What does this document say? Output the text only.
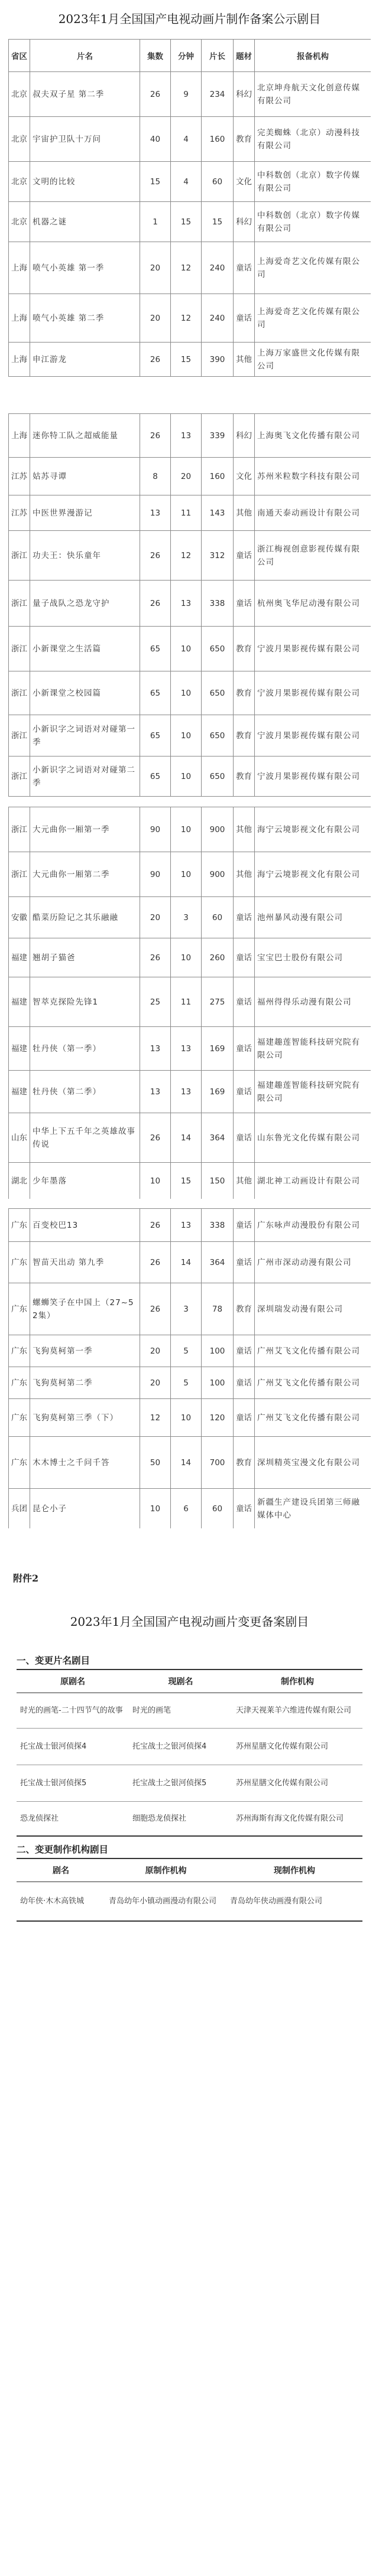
2023年1月全国国产电视动画片制作备案公示剧目
省区	片名	集数	分钟	片长	题材	报备机构
北京	叔夫双子星 第二季	26	9	234	科幻	北京坤舟航天文化创意传媒有限公司
北京	宇宙护卫队十万问	40	4	160	教育	完美蜘蛛（北京）动漫科技有限公司
北京	文明的比较	15	4	60	文化	中科数创（北京）数字传媒有限公司
北京	机器之谜	1	15	15	科幻	中科数创（北京）数字传媒有限公司
上海	喷气小英雄 第一季	20	12	240	童话	上海爱奇艺文化传媒有限公司
上海	喷气小英雄 第二季	20	12	240	童话	上海爱奇艺文化传媒有限公司
上海	申江游龙	26	15	390	其他	上海万家盛世文化传媒有限公司
上海	迷你特工队之超威能量	26	13	339	科幻	上海奥飞文化传播有限公司
江苏	姑苏寻谭	8	20	160	文化	苏州米粒数字科技有限公司
江苏	中医世界漫游记	13	11	143	其他	南通天泰动画设计有限公司
浙江	功夫王：快乐童年	26	12	312	童话	浙江梅视创意影视传媒有限公司
浙江	量子战队之恐龙守护	26	13	338	童话	杭州奥飞华尼动漫有限公司
浙江	小新课堂之生活篇	65	10	650	教育	宁波月果影视传媒有限公司
浙江	小新课堂之校园篇	65	10	650	教育	宁波月果影视传媒有限公司
浙江	小新识字之词语对对碰第一季	65	10	650	教育	宁波月果影视传媒有限公司
浙江	小新识字之词语对对碰第二季	65	10	650	教育	宁波月果影视传媒有限公司
浙江	大元曲你一厢第一季	90	10	900	其他	海宁云境影视文化有限公司
浙江	大元曲你一厢第二季	90	10	900	其他	海宁云境影视文化有限公司
安徽	酷菜历险记之其乐融融	20	3	60	童话	池州暴风动漫有限公司
福建	翘胡子猫爸	26	10	260	童话	宝宝巴士股份有限公司
福建	智萃克探险先锋1	25	11	275	童话	福州得得乐动漫有限公司
福建	牡丹侠（第一季）	13	13	169	童话	福建趣莲智能科技研究院有限公司
福建	牡丹侠（第二季）	13	13	169	童话	福建趣莲智能科技研究院有限公司
山东	中华上下五千年之英雄故事传说	26	14	364	童话	山东鲁光文化传媒有限公司
湖北	少年墨落	10	15	150	其他	湖北神工动画设计有限公司
广东	百变校巴13	26	13	338	童话	广东咏声动漫股份有限公司
广东	智苗天出动 第九季	26	14	364	童话	广州市深动动漫有限公司
广东	螺蛳笑子在中国上（27~52集）	26	3	78	教育	深圳瑞发动漫有限公司
广东	飞狗莫柯第一季	20	5	100	童话	广州艾飞文化传播有限公司
广东	飞狗莫柯第二季	20	5	100	童话	广州艾飞文化传播有限公司
广东	飞狗莫柯第三季（下）	12	10	120	童话	广州艾飞文化传播有限公司
广东	木木博士之千问千答	50	14	700	教育	深圳精英宝漫文化有限公司
兵团	昆仑小子	10	6	60	童话	新疆生产建设兵团第三师融媒体中心
附件2
2023年1月全国国产电视动画片变更备案剧目
一、变更片名剧目
原剧名	现剧名	制作机构
时光的画笔-二十四节气的故事	时光的画笔	天津天视莱羊六维进传媒有限公司
托宝战士银河侦探4	托宝战士之银河侦探4	苏州星膳文化传媒有限公司
托宝战士银河侦探5	托宝战士之银河侦探5	苏州星膳文化传媒有限公司
恐龙侦探社	细胞恐龙侦探社	苏州海斯有海文化传媒有限公司
二、变更制作机构剧目
剧名	原制作机构	现制作机构
幼年侠·木木高铁城	青岛幼年小镇动画漫动有限公司	青岛幼年侠动画漫有限公司
